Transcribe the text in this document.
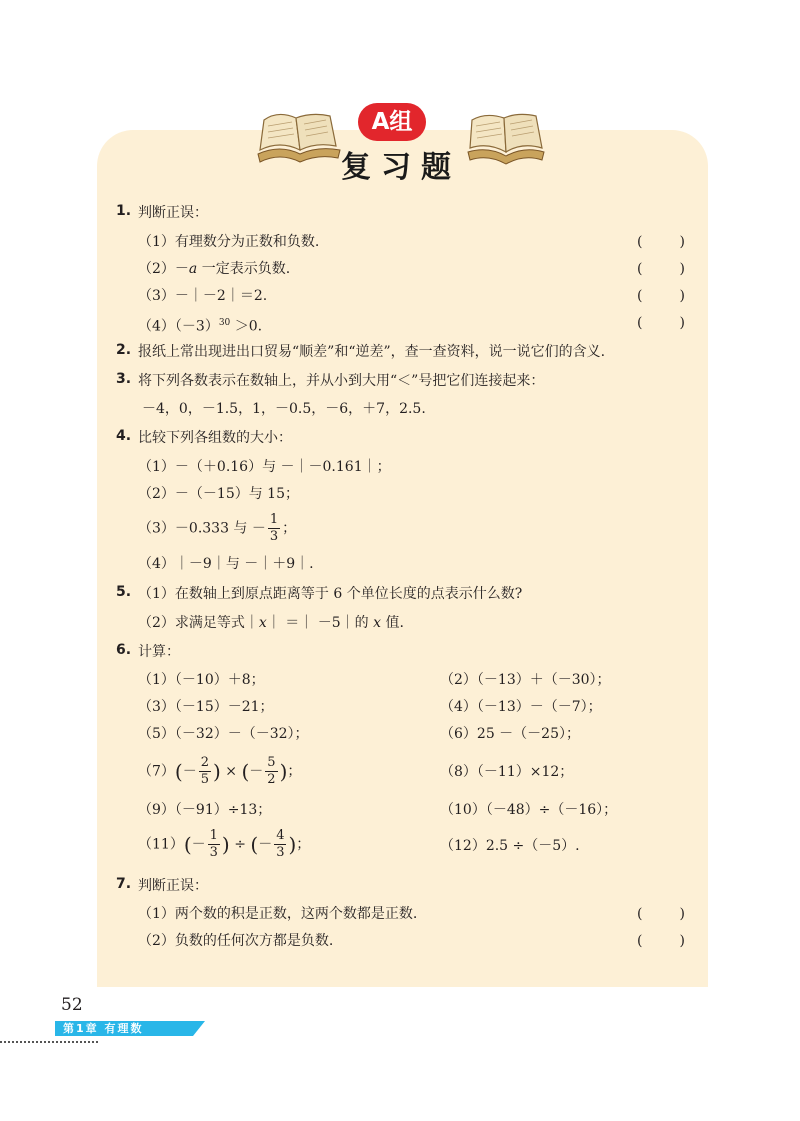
A组
复习题
1. 判断正误：
（1）有理数分为正数和负数.	(	)
（2）－a 一定表示负数.	(	)
（3）－｜－2｜＝2.	(	)
$(4)(-3)^{30} >0$.	(	)
2. 报纸上常出现进出口贸易“顺差”和“逆差”，查一查资料，说一说它们的含义.
3. 将下列各数表示在数轴上，并从小到大用“＜”号把它们连接起来：
－4，0，－1.5，1，－0.5，－6，＋7，2.5.
4. 比较下列各组数的大小：
（1）－（＋0.16）与 －｜－0.161｜；
（2）－（－15）与 15；
（3）－0.333 与 － $\frac{1}{3}$ ；
（4）｜－9｜与 －｜＋9｜.
5. （1）在数轴上到原点距离等于 6 个单位长度的点表示什么数?
（2）求满足等式｜x｜ ＝｜ －5｜的 x 值.
6. 计算：
（1）（－10）＋8；	（2）（－13）＋（－30）；
（3）（－15）－21；	（4）（－13）－（－7）；
（5）（－32）－（－32）；	（6）25 －（－25）；
$(7)(- \frac{2}{5}$ ) × (－ $\frac{5}{2}$ )；	（8）（－11）×12；
（9）（－91）÷13；	（10）（－48）÷（－16）；
$(11)(- \frac{1}{3}$ ) ÷ (－ $\frac{4}{3}$ )；	（12）2.5 ÷（－5）.
7. 判断正误：
（1）两个数的积是正数，这两个数都是正数.	(	)
（2）负数的任何次方都是负数.	(	)
52
第1章 有理数
